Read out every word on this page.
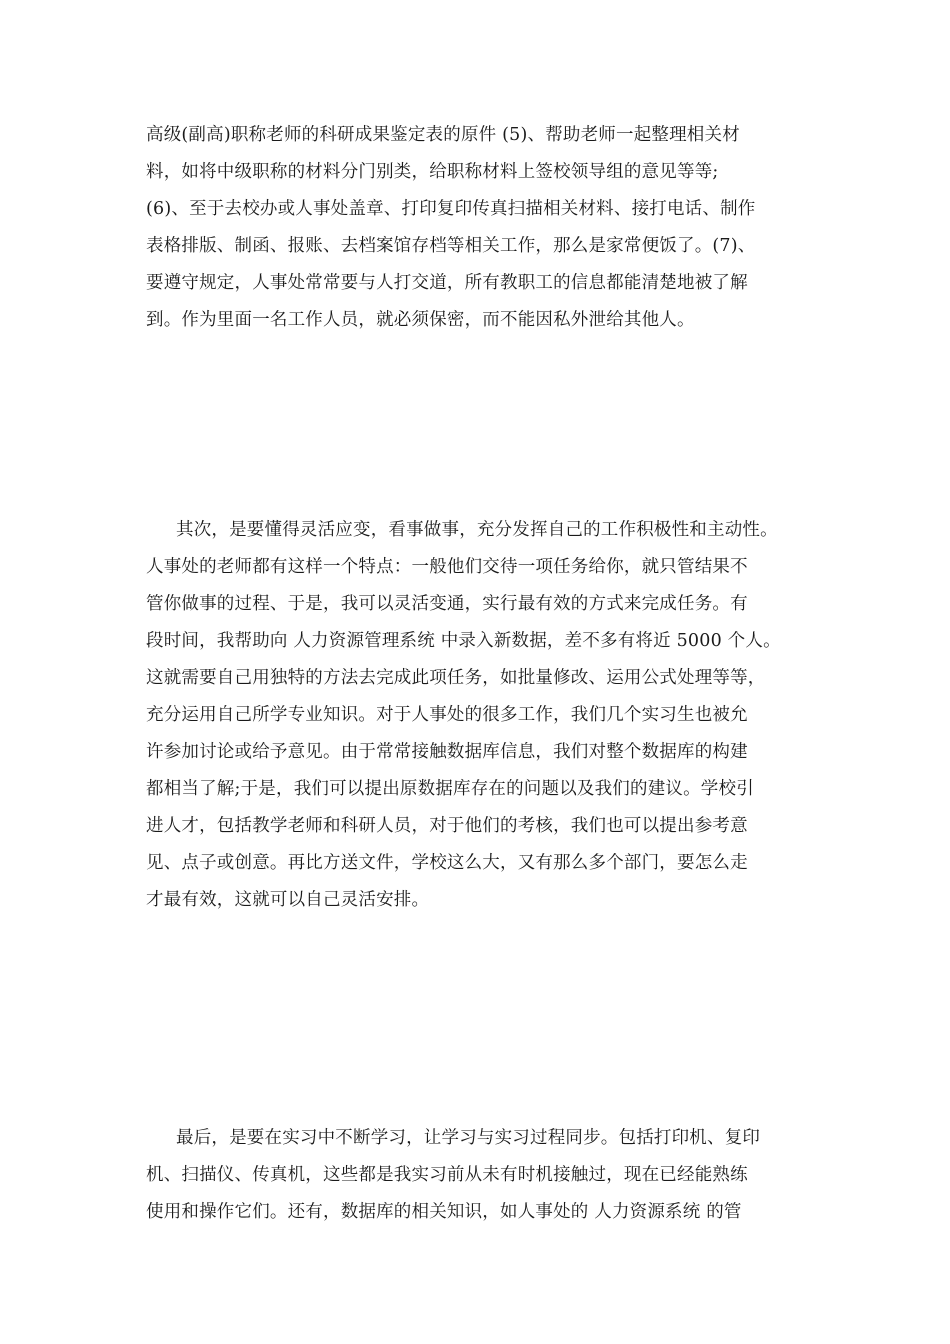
高级(副高)职称老师的科研成果鉴定表的原件 (5)、帮助老师一起整理相关材
料，如将中级职称的材料分门别类，给职称材料上签校领导组的意见等等;
(6)、至于去校办或人事处盖章、打印复印传真扫描相关材料、接打电话、制作
表格排版、制函、报账、去档案馆存档等相关工作，那么是家常便饭了。(7)、
要遵守规定，人事处常常要与人打交道，所有教职工的信息都能清楚地被了解
到。作为里面一名工作人员，就必须保密，而不能因私外泄给其他人。
其次，是要懂得灵活应变，看事做事，充分发挥自己的工作积极性和主动性。
人事处的老师都有这样一个特点：一般他们交待一项任务给你，就只管结果不
管你做事的过程、于是，我可以灵活变通，实行最有效的方式来完成任务。有
段时间，我帮助向 人力资源管理系统 中录入新数据，差不多有将近 5000 个人。
这就需要自己用独特的方法去完成此项任务，如批量修改、运用公式处理等等，
充分运用自己所学专业知识。对于人事处的很多工作，我们几个实习生也被允
许参加讨论或给予意见。由于常常接触数据库信息，我们对整个数据库的构建
都相当了解;于是，我们可以提出原数据库存在的问题以及我们的建议。学校引
进人才，包括教学老师和科研人员，对于他们的考核，我们也可以提出参考意
见、点子或创意。再比方送文件，学校这么大，又有那么多个部门，要怎么走
才最有效，这就可以自己灵活安排。
最后，是要在实习中不断学习，让学习与实习过程同步。包括打印机、复印
机、扫描仪、传真机，这些都是我实习前从未有时机接触过，现在已经能熟练
使用和操作它们。还有，数据库的相关知识，如人事处的 人力资源系统 的管
